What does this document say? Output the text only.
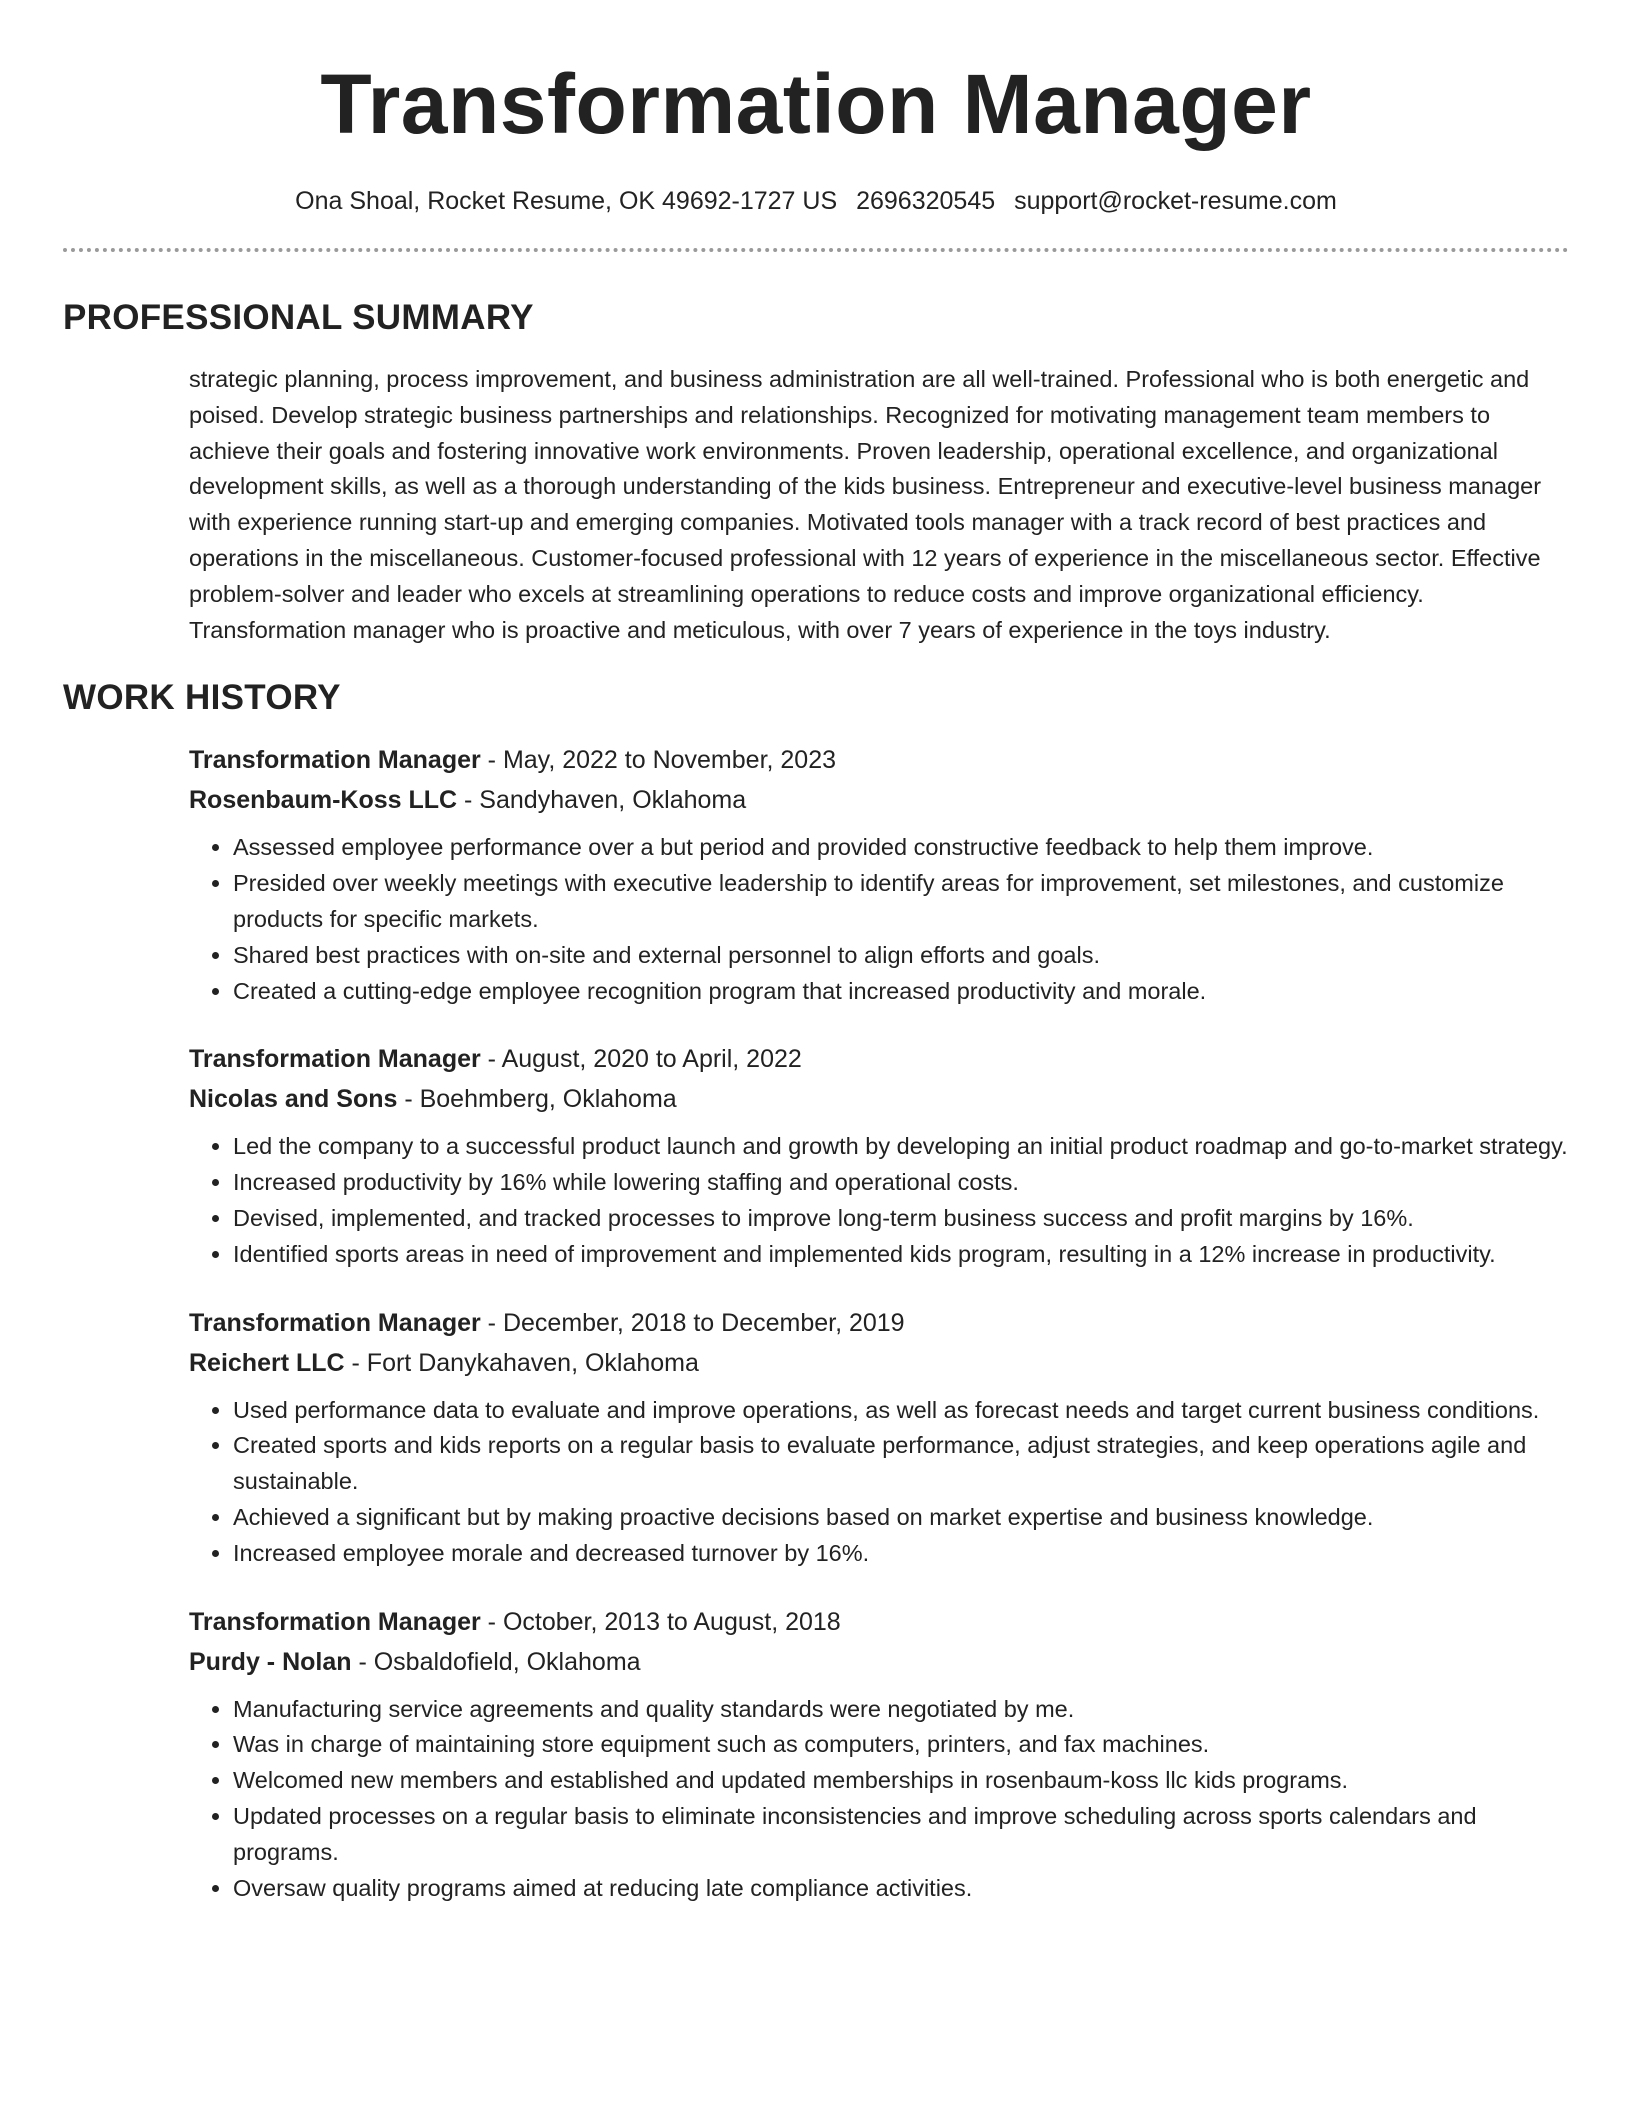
Transformation Manager
Ona Shoal, Rocket Resume, OK 49692-1727 US 2696320545 support@rocket-resume.com
PROFESSIONAL SUMMARY

strategic planning, process improvement, and business administration are all well-trained. Professional who is both energetic and poised. Develop strategic business partnerships and relationships. Recognized for motivating management team members to achieve their goals and fostering innovative work environments. Proven leadership, operational excellence, and organizational development skills, as well as a thorough understanding of the kids business. Entrepreneur and executive-level business manager with experience running start-up and emerging companies. Motivated tools manager with a track record of best practices and operations in the miscellaneous. Customer-focused professional with 12 years of experience in the miscellaneous sector. Effective problem-solver and leader who excels at streamlining operations to reduce costs and improve organizational efficiency. Transformation manager who is proactive and meticulous, with over 7 years of experience in the toys industry.

WORK HISTORY
Transformation Manager - May, 2022 to November, 2023
Rosenbaum-Koss LLC - Sandyhaven, Oklahoma
• Assessed employee performance over a but period and provided constructive feedback to help them improve.
• Presided over weekly meetings with executive leadership to identify areas for improvement, set milestones, and customize products for specific markets.
• Shared best practices with on-site and external personnel to align efforts and goals.
• Created a cutting-edge employee recognition program that increased productivity and morale.
Transformation Manager - August, 2020 to April, 2022
Nicolas and Sons - Boehmberg, Oklahoma
• Led the company to a successful product launch and growth by developing an initial product roadmap and go-to-market strategy.
• Increased productivity by 16% while lowering staffing and operational costs.
• Devised, implemented, and tracked processes to improve long-term business success and profit margins by 16%.
• Identified sports areas in need of improvement and implemented kids program, resulting in a 12% increase in productivity.
Transformation Manager - December, 2018 to December, 2019
Reichert LLC - Fort Danykahaven, Oklahoma
• Used performance data to evaluate and improve operations, as well as forecast needs and target current business conditions.
• Created sports and kids reports on a regular basis to evaluate performance, adjust strategies, and keep operations agile and sustainable.
• Achieved a significant but by making proactive decisions based on market expertise and business knowledge.
• Increased employee morale and decreased turnover by 16%.
Transformation Manager - October, 2013 to August, 2018
Purdy - Nolan - Osbaldofield, Oklahoma
• Manufacturing service agreements and quality standards were negotiated by me.
• Was in charge of maintaining store equipment such as computers, printers, and fax machines.
• Welcomed new members and established and updated memberships in rosenbaum-koss llc kids programs.
• Updated processes on a regular basis to eliminate inconsistencies and improve scheduling across sports calendars and programs.
• Oversaw quality programs aimed at reducing late compliance activities.
